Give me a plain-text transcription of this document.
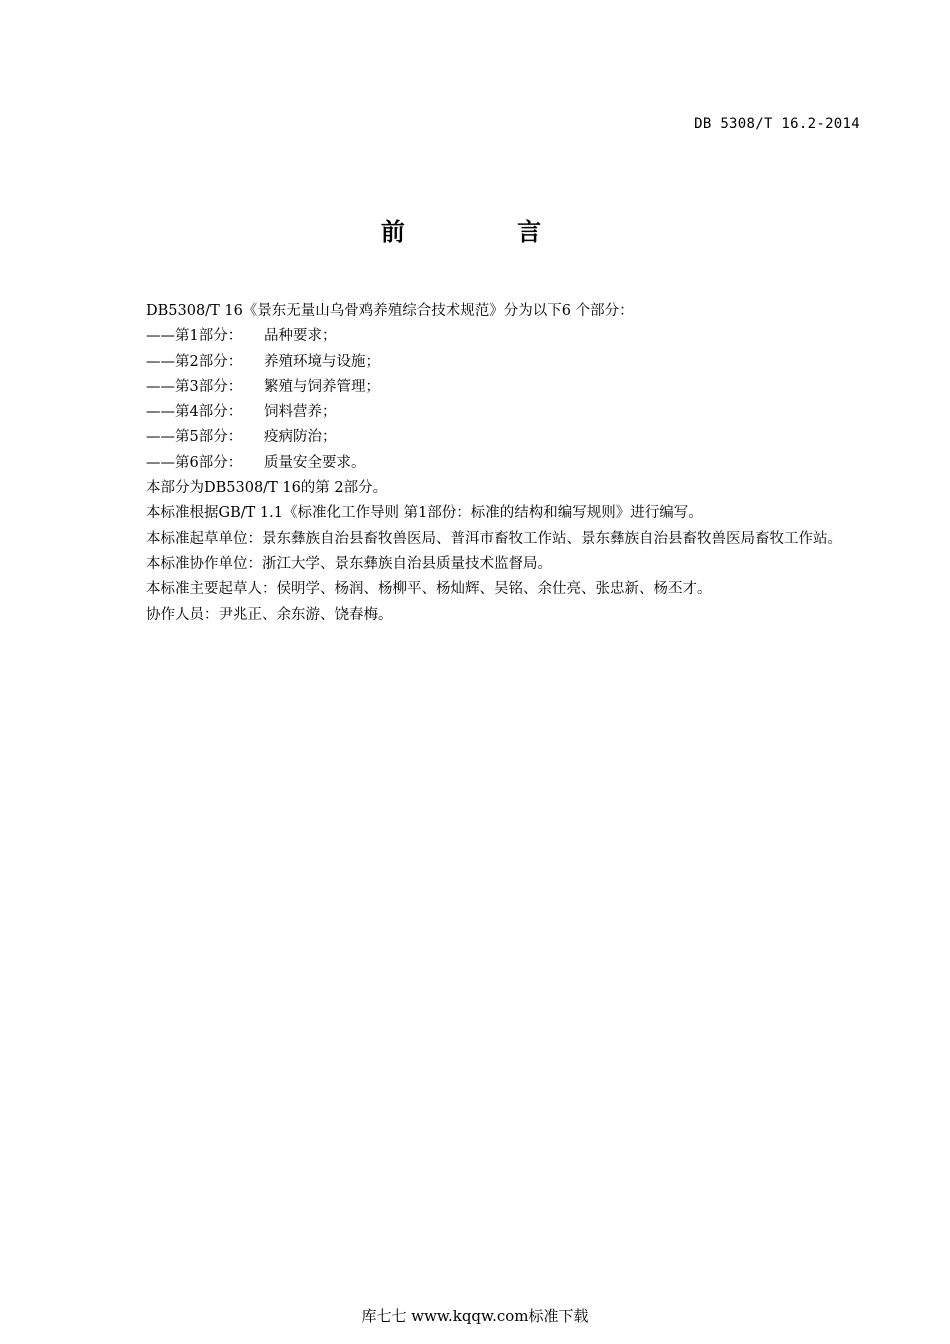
DB 5308/T 16.2-2014
前 言

DB5308/T 16《景东无量山乌骨鸡养殖综合技术规范》分为以下6 个部分：

——第1部分： 品种要求；

——第2部分： 养殖环境与设施；

——第3部分： 繁殖与饲养管理；

——第4部分： 饲料营养；

——第5部分： 疫病防治；

——第6部分： 质量安全要求。

本部分为DB5308/T 16的第 2部分。

本标准根据GB/T 1.1《标准化工作导则 第1部份：标准的结构和编写规则》进行编写。

本标准起草单位：景东彝族自治县畜牧兽医局、普洱市畜牧工作站、景东彝族自治县畜牧兽医局畜牧工作站。

本标准协作单位：浙江大学、景东彝族自治县质量技术监督局。

本标准主要起草人：侯明学、杨润、杨柳平、杨灿辉、吴铭、余仕亮、张忠新、杨丕才。

协作人员：尹兆正、余东游、饶春梅。

库七七 www.kqqw.com标准下载
